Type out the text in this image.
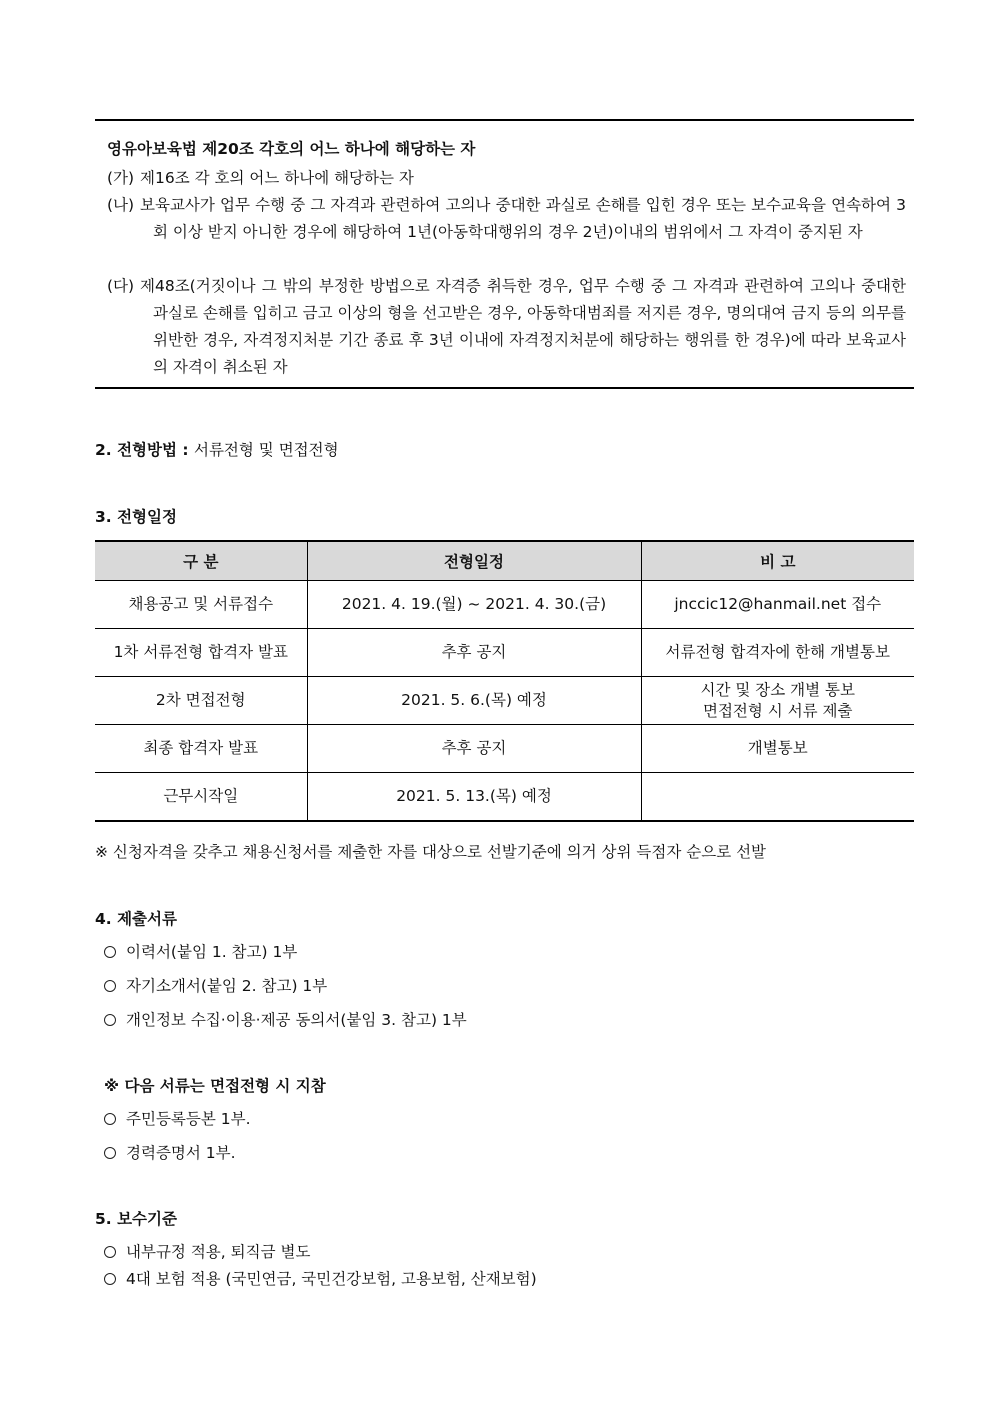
영유아보육법 제20조 각호의 어느 하나에 해당하는 자
(가) 제16조 각 호의 어느 하나에 해당하는 자
(나) 보육교사가 업무 수행 중 그 자격과 관련하여 고의나 중대한 과실로 손해를 입힌 경우 또는 보수교육을 연속하여 3회 이상 받지 아니한 경우에 해당하여 1년(아동학대행위의 경우 2년)이내의 범위에서 그 자격이 중지된 자
(다) 제48조(거짓이나 그 밖의 부정한 방법으로 자격증 취득한 경우, 업무 수행 중 그 자격과 관련하여 고의나 중대한 과실로 손해를 입히고 금고 이상의 형을 선고받은 경우, 아동학대범죄를 저지른 경우, 명의대여 금지 등의 의무를 위반한 경우, 자격정지처분 기간 종료 후 3년 이내에 자격정지처분에 해당하는 행위를 한 경우)에 따라 보육교사의 자격이 취소된 자
2. 전형방법 : 서류전형 및 면접전형
3. 전형일정
구 분	전형일정	비 고
채용공고 및 서류접수	2021. 4. 19.(월) ~ 2021. 4. 30.(금)	jnccic12@hanmail.net 접수
1차 서류전형 합격자 발표	추후 공지	서류전형 합격자에 한해 개별통보
2차 면접전형	2021. 5. 6.(목) 예정	시간 및 장소 개별 통보
면접전형 시 서류 제출

최종 합격자 발표	추후 공지	개별통보
근무시작일	2021. 5. 13.(목) 예정	
※ 신청자격을 갖추고 채용신청서를 제출한 자를 대상으로 선발기준에 의거 상위 득점자 순으로 선발
4. 제출서류
이력서(붙임 1. 참고) 1부
자기소개서(붙임 2. 참고) 1부
개인정보 수집·이용·제공 동의서(붙임 3. 참고) 1부
※ 다음 서류는 면접전형 시 지참
주민등록등본 1부.
경력증명서 1부.
5. 보수기준
내부규정 적용, 퇴직금 별도
4대 보험 적용 (국민연금, 국민건강보험, 고용보험, 산재보험)
